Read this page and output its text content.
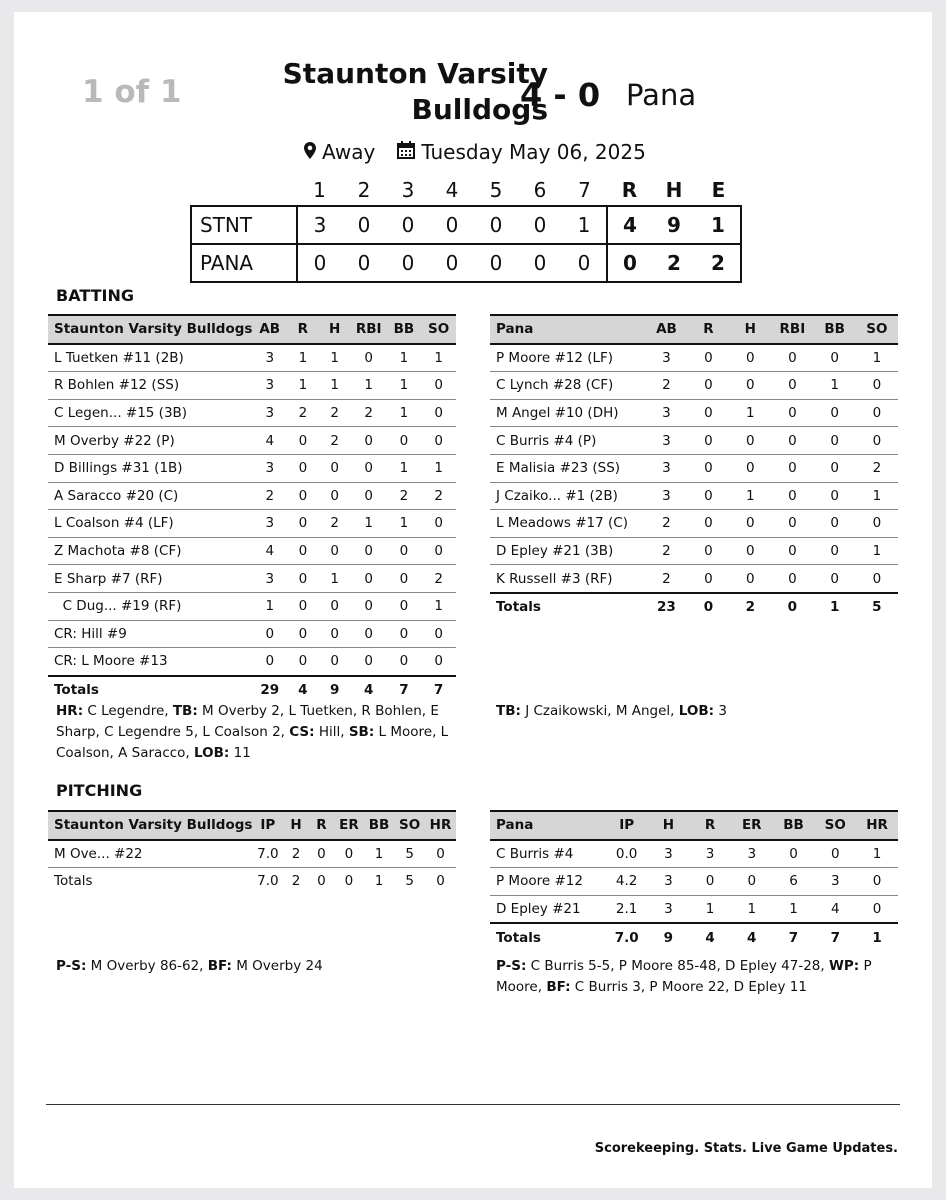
1 of 1
Staunton Varsity
Bulldogs
4 - 0 Pana
Away Tuesday May 06, 2025
	1	2	3	4	5	6	7	R	H	E
STNT	3	0	0	0	0	0	1	4	9	1
PANA	0	0	0	0	0	0	0	0	2	2
BATTING
Staunton Varsity Bulldogs	AB	R	H	RBI	BB	SO
L Tuetken #11 (2B)	3	1	1	0	1	1
R Bohlen #12 (SS)	3	1	1	1	1	0
C Legen... #15 (3B)	3	2	2	2	1	0
M Overby #22 (P)	4	0	2	0	0	0
D Billings #31 (1B)	3	0	0	0	1	1
A Saracco #20 (C)	2	0	0	0	2	2
L Coalson #4 (LF)	3	0	2	1	1	0
Z Machota #8 (CF)	4	0	0	0	0	0
E Sharp #7 (RF)	3	0	1	0	0	2
C Dug... #19 (RF)	1	0	0	0	0	1
CR: Hill #9	0	0	0	0	0	0
CR: L Moore #13	0	0	0	0	0	0
Totals	29	4	9	4	7	7
Pana	AB	R	H	RBI	BB	SO
P Moore #12 (LF)	3	0	0	0	0	1
C Lynch #28 (CF)	2	0	0	0	1	0
M Angel #10 (DH)	3	0	1	0	0	0
C Burris #4 (P)	3	0	0	0	0	0
E Malisia #23 (SS)	3	0	0	0	0	2
J Czaiko... #1 (2B)	3	0	1	0	0	1
L Meadows #17 (C)	2	0	0	0	0	0
D Epley #21 (3B)	2	0	0	0	0	1
K Russell #3 (RF)	2	0	0	0	0	0
Totals	23	0	2	0	1	5
HR: C Legendre, TB: M Overby 2, L Tuetken, R Bohlen, E Sharp, C Legendre 5, L Coalson 2, CS: Hill, SB: L Moore, L Coalson, A Saracco, LOB: 11
TB: J Czaikowski, M Angel, LOB: 3
PITCHING
Staunton Varsity Bulldogs	IP	H	R	ER	BB	SO	HR
M Ove... #22	7.0	2	0	0	1	5	0
Totals	7.0	2	0	0	1	5	0
Pana	IP	H	R	ER	BB	SO	HR
C Burris #4	0.0	3	3	3	0	0	1
P Moore #12	4.2	3	0	0	6	3	0
D Epley #21	2.1	3	1	1	1	4	0
Totals	7.0	9	4	4	7	7	1
P-S: M Overby 86-62, BF: M Overby 24	P-S: C Burris 5-5, P Moore 85-48, D Epley 47-28, WP: P Moore, BF: C Burris 3, P Moore 22, D Epley 11
Scorekeeping. Stats. Live Game Updates.
